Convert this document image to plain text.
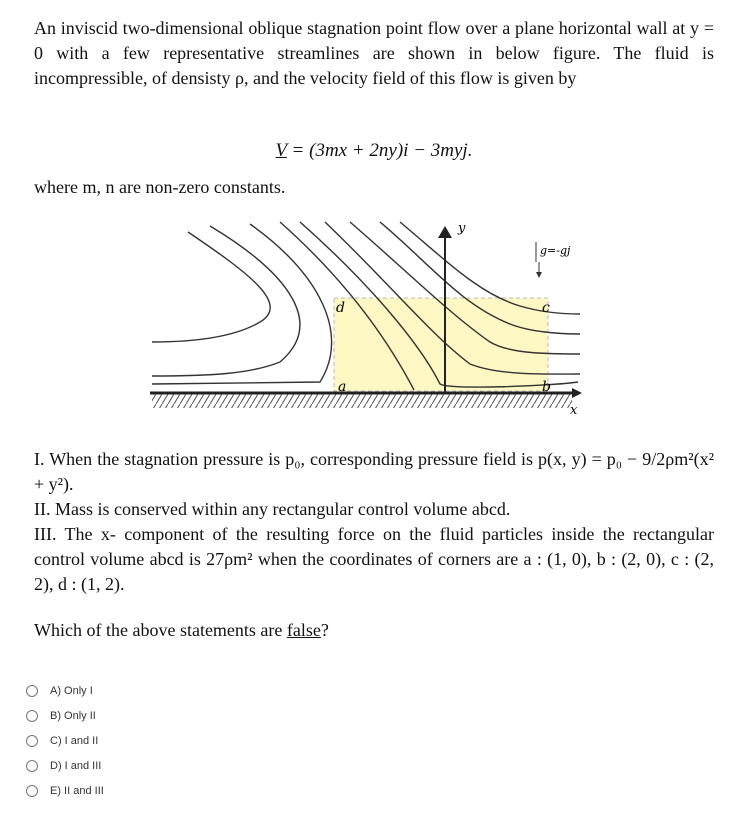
An inviscid two-dimensional oblique stagnation point flow over a plane horizontal wall at y = 0 with a few representative streamlines are shown in below figure. The fluid is incompressible, of densisty ρ, and the velocity field of this flow is given by

V = (3mx + 2ny)i − 3myj.

where m, n are non-zero constants.

y
x
g=-gj
a	b
c
d

I. When the stagnation pressure is p₀, corresponding pressure field is p(x, y) = p₀ − 9/2ρm²(x² + y²).

II. Mass is conserved within any rectangular control volume abcd.

III. The x- component of the resulting force on the fluid particles inside the rectangular control volume abcd is 27ρm² when the coordinates of corners are a : (1, 0), b : (2, 0), c : (2, 2), d : (1, 2).

Which of the above statements are false?
A) Only I
B) Only II
C) I and II
D) I and III
E) II and III
